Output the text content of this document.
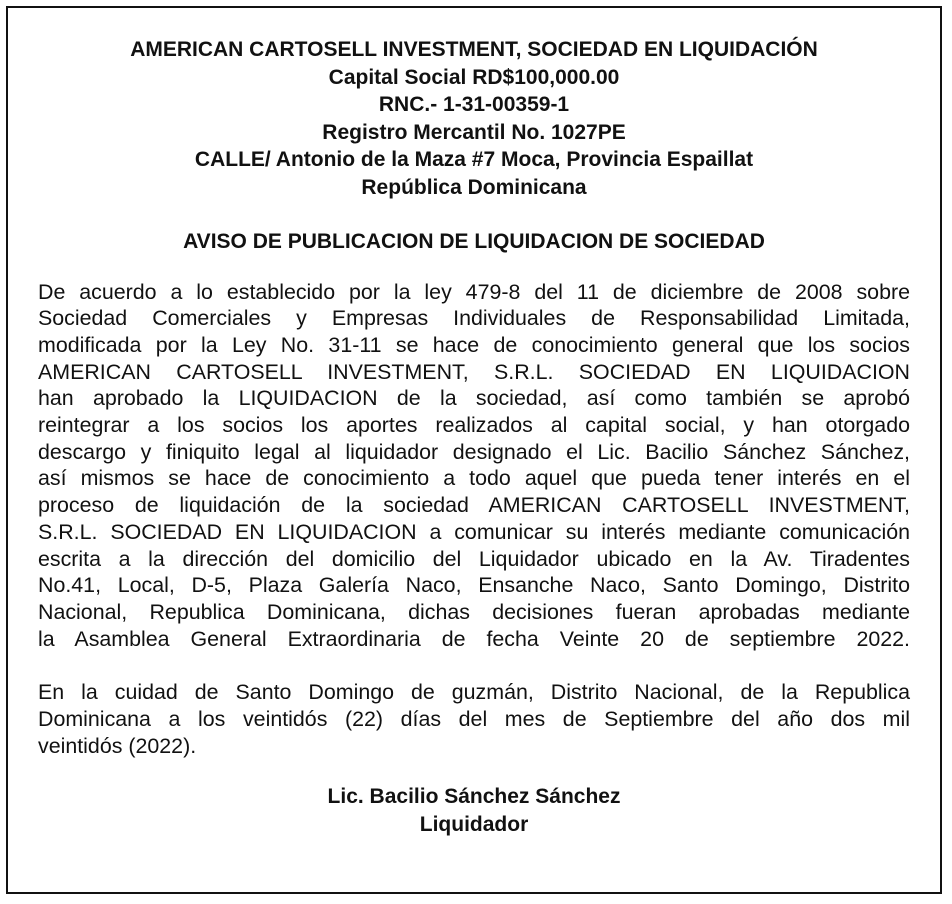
AMERICAN CARTOSELL INVESTMENT, SOCIEDAD EN LIQUIDACIÓN
Capital Social RD$100,000.00
RNC.- 1-31-00359-1
Registro Mercantil No. 1027PE
CALLE/ Antonio de la Maza #7 Moca, Provincia Espaillat
República Dominicana
AVISO DE PUBLICACION DE LIQUIDACION DE SOCIEDAD
De acuerdo a lo establecido por la ley 479-8 del 11 de diciembre de 2008 sobre
Sociedad Comerciales y Empresas Individuales de Responsabilidad Limitada,
modificada por la Ley No. 31-11 se hace de conocimiento general que los socios
AMERICAN CARTOSELL INVESTMENT, S.R.L. SOCIEDAD EN LIQUIDACION
han aprobado la LIQUIDACION de la sociedad, así como también se aprobó
reintegrar a los socios los aportes realizados al capital social, y han otorgado
descargo y finiquito legal al liquidador designado el Lic. Bacilio Sánchez Sánchez,
así mismos se hace de conocimiento a todo aquel que pueda tener interés en el
proceso de liquidación de la sociedad AMERICAN CARTOSELL INVESTMENT,
S.R.L. SOCIEDAD EN LIQUIDACION a comunicar su interés mediante comunicación
escrita a la dirección del domicilio del Liquidador ubicado en la Av. Tiradentes
No.41, Local, D-5, Plaza Galería Naco, Ensanche Naco, Santo Domingo, Distrito
Nacional, Republica Dominicana, dichas decisiones fueran aprobadas mediante
la Asamblea General Extraordinaria de fecha Veinte 20 de septiembre 2022.
En la cuidad de Santo Domingo de guzmán, Distrito Nacional, de la Republica
Dominicana a los veintidós (22) días del mes de Septiembre del año dos mil
veintidós (2022).
Lic. Bacilio Sánchez Sánchez
Liquidador
